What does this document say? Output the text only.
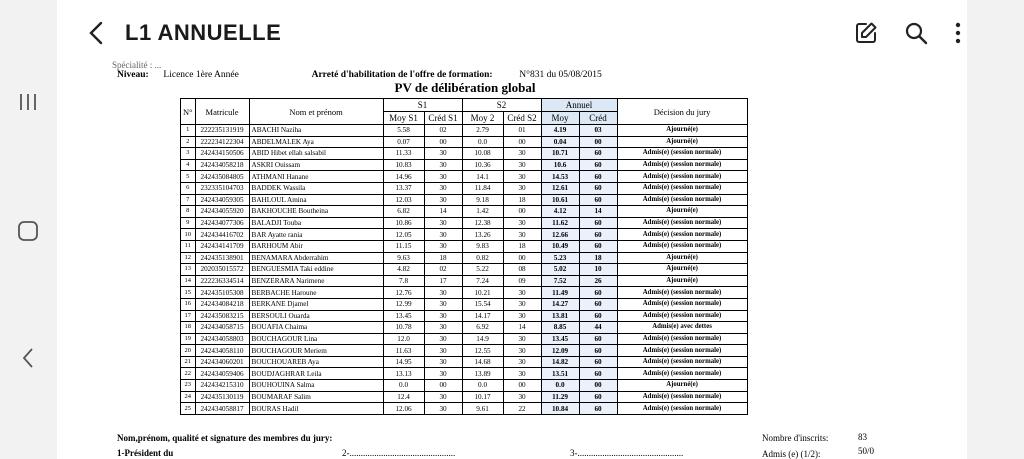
L1 ANNUELLE
Spécialité : ...
Niveau: Licence 1ère Année	Arreté d'habilitation de l'offre de formation:	N°831 du 05/08/2015
PV de délibération global
N°	Matricule	Nom et prénom	S1		S2		Annuel		Décision du jury
			Moy S1	Créd S1	Moy 2	Créd S2	Moy	Créd	
1	222235131919	ABACHI Naziha	5.58	02	2.79	01	4.19	03	Ajourné(e)
2	222234122304	ABDELMALEK Aya	0.07	00	0.0	00	0.04	00	Ajourné(e)
3	242434150506	ABID Hibet ellah salsabil	11.33	30	10.08	30	10.71	60	Admis(e) (session normale)
4	242434058218	ASKRI Ouissam	10.83	30	10.36	30	10.6	60	Admis(e) (session normale)
5	242435084805	ATHMANI Hanane	14.96	30	14.1	30	14.53	60	Admis(e) (session normale)
6	232335104703	BADDEK Wassila	13.37	30	11.84	30	12.61	60	Admis(e) (session normale)
7	242434059305	BAHLOUL Amina	12.03	30	9.18	18	10.61	60	Admis(e) (session normale)
8	242434055920	BAKHOUCHE Boutheina	6.82	14	1.42	00	4.12	14	Ajourné(e)
9	242434077306	BALADJI Touba	10.86	30	12.38	30	11.62	60	Admis(e) (session normale)
10	242434416702	BAR Ayatte rania	12.05	30	13.26	30	12.66	60	Admis(e) (session normale)
11	242434141709	BARHOUM Abir	11.15	30	9.83	18	10.49	60	Admis(e) (session normale)
12	242435138901	BENAMARA Abderrahim	9.63	18	0.82	00	5.23	18	Ajourné(e)
13	202035015572	BENGUESMIA Taki eddine	4.82	02	5.22	08	5.02	10	Ajourné(e)
14	222236334514	BENZERARA Narimene	7.8	17	7.24	09	7.52	26	Ajourné(e)
15	242435105308	BERBACHE Haroune	12.76	30	10.21	30	11.49	60	Admis(e) (session normale)
16	242434084218	BERKANE Djamel	12.99	30	15.54	30	14.27	60	Admis(e) (session normale)
17	242435083215	BERSOULI Ouarda	13.45	30	14.17	30	13.81	60	Admis(e) (session normale)
18	242434058715	BOUAFIA Chaima	10.78	30	6.92	14	8.85	44	Admis(e) avec dettes
19	242434058803	BOUCHAGOUR Lina	12.0	30	14.9	30	13.45	60	Admis(e) (session normale)
20	242434058110	BOUCHAGOUR Meriem	11.63	30	12.55	30	12.09	60	Admis(e) (session normale)
21	242434060201	BOUCHOUAREB Aya	14.95	30	14.68	30	14.82	60	Admis(e) (session normale)
22	242434059406	BOUDJAGHRAR Leila	13.13	30	13.89	30	13.51	60	Admis(e) (session normale)
23	242434215310	BOUHOUINA Salma	0.0	00	0.0	00	0.0	00	Ajourné(e)
24	242435130119	BOUMARAF Salim	12.4	30	10.17	30	11.29	60	Admis(e) (session normale)
25	242434058817	BOURAS Hadil	12.06	30	9.61	22	10.84	60	Admis(e) (session normale)
Nom,prénom, qualité et signature des membres du jury:
1-Président du	2-...............................................	3-...............................................
Nombre d'inscrits:	83
Admis (e) (1/2):	50/0
